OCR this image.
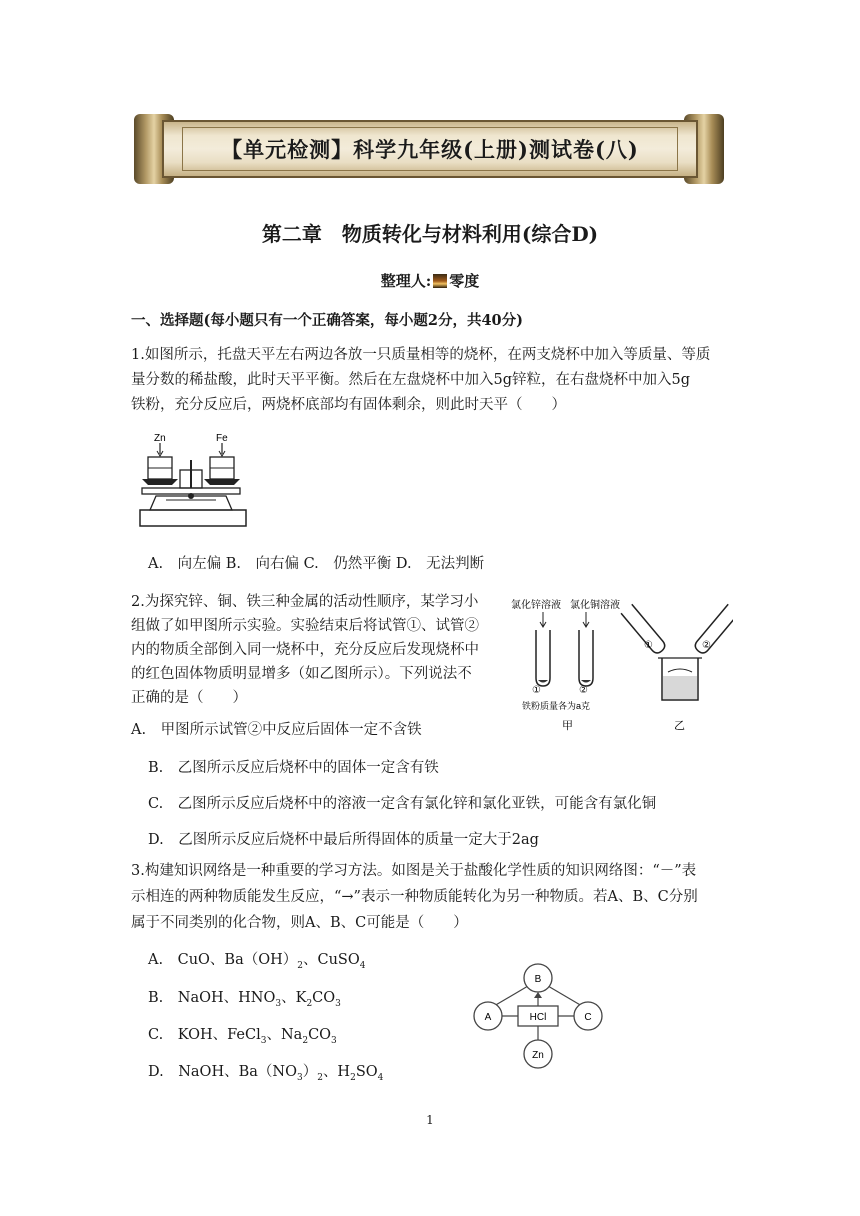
【单元检测】科学九年级(上册)测试卷(八)
第二章　物质转化与材料利用(综合D)
整理人: 零度
一、选择题(每小题只有一个正确答案，每小题2分，共40分)
1.如图所示，托盘天平左右两边各放一只质量相等的烧杯，在两支烧杯中加入等质量、等质
量分数的稀盐酸，此时天平平衡。然后在左盘烧杯中加入5g锌粒，在右盘烧杯中加入5g
铁粉，充分反应后，两烧杯底部均有固体剩余，则此时天平（　　）
Zn	Fe
A.　向左偏 B.　向右偏 C.　仍然平衡 D.　无法判断
2.为探究锌、铜、铁三种金属的活动性顺序，某学习小
组做了如甲图所示实验。实验结束后将试管①、试管②
内的物质全部倒入同一烧杯中，充分反应后发现烧杯中
的红色固体物质明显增多（如乙图所示）。下列说法不
正确的是（　　）
氯化锌溶液 氯化铜溶液
①	②
铁粉质量各为a克
甲
①	②
乙
A.　甲图所示试管②中反应后固体一定不含铁
B.　乙图所示反应后烧杯中的固体一定含有铁
C.　乙图所示反应后烧杯中的溶液一定含有氯化锌和氯化亚铁，可能含有氯化铜
D.　乙图所示反应后烧杯中最后所得固体的质量一定大于2ag
3.构建知识网络是一种重要的学习方法。如图是关于盐酸化学性质的知识网络图：“－”表
示相连的两种物质能发生反应，“→”表示一种物质能转化为另一种物质。若A、B、C分别
属于不同类别的化合物，则A、B、C可能是（　　）
A.　CuO、$Ba(OH)_2$、CuSO$_4$
B.　NaOH、$HNO_3$、$K_2CO_3$
C.　KOH、FeCl$_3$、$Na_2CO_3$
D.　NaOH、$Ba(NO_3)_2$、$H_2SO_4$
B
A	C
Zn
HCl
1
